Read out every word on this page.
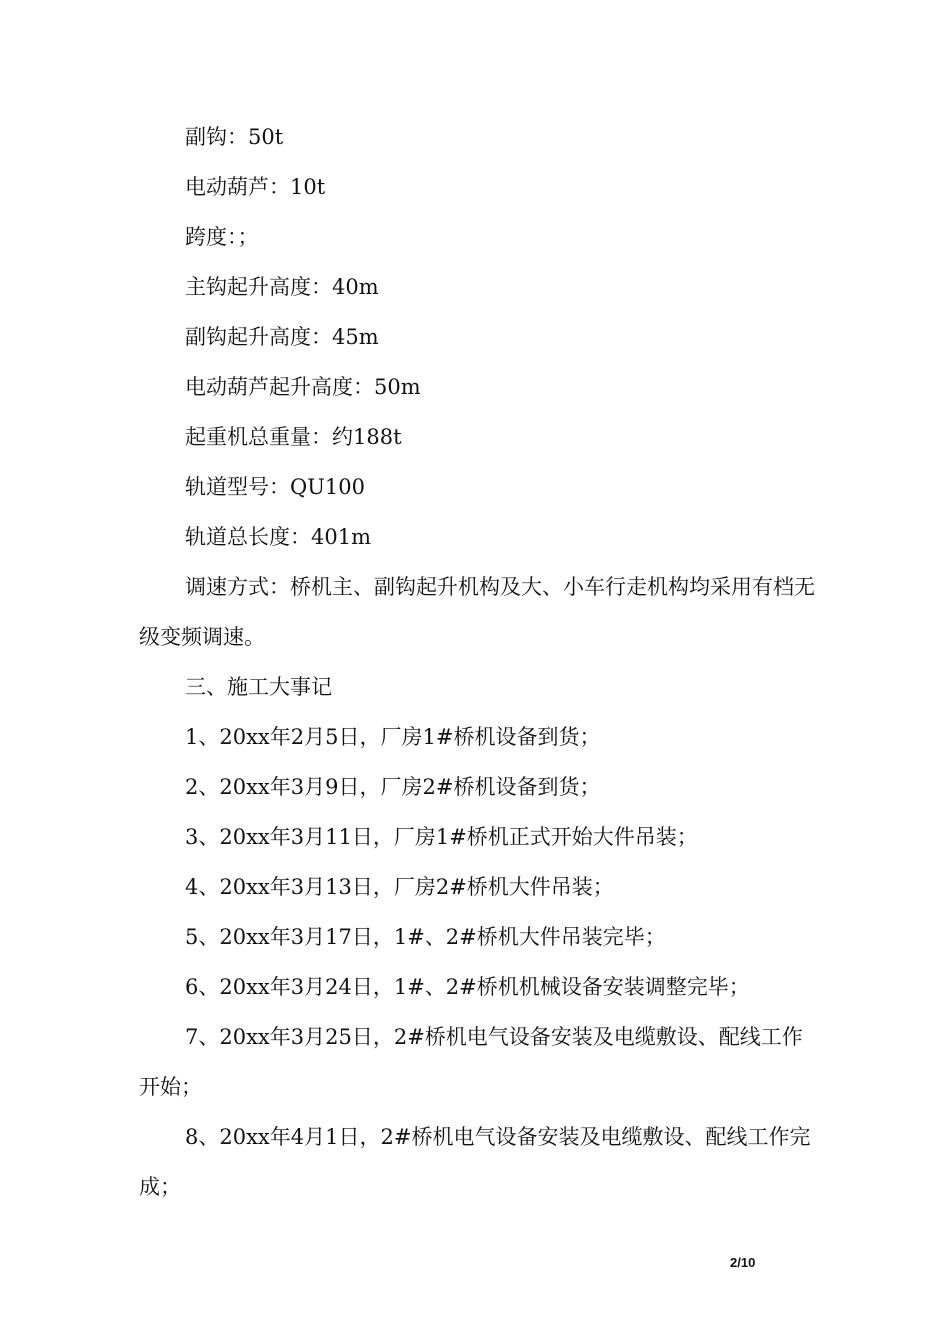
副钩：50t

电动葫芦：10t

跨度：；

主钩起升高度：40m

副钩起升高度：45m

电动葫芦起升高度：50m

起重机总重量：约188t

轨道型号：QU100

轨道总长度：401m

调速方式：桥机主、副钩起升机构及大、小车行走机构均采用有档无级变频调速。

三、施工大事记

1、20xx年2月5日，厂房1#桥机设备到货；

2、20xx年3月9日，厂房2#桥机设备到货；

3、20xx年3月11日，厂房1#桥机正式开始大件吊装；

4、20xx年3月13日，厂房2#桥机大件吊装；

5、20xx年3月17日，1#、2#桥机大件吊装完毕；

6、20xx年3月24日，1#、2#桥机机械设备安装调整完毕；

7、20xx年3月25日，2#桥机电气设备安装及电缆敷设、配线工作开始；

8、20xx年4月1日，2#桥机电气设备安装及电缆敷设、配线工作完成；

2/10
